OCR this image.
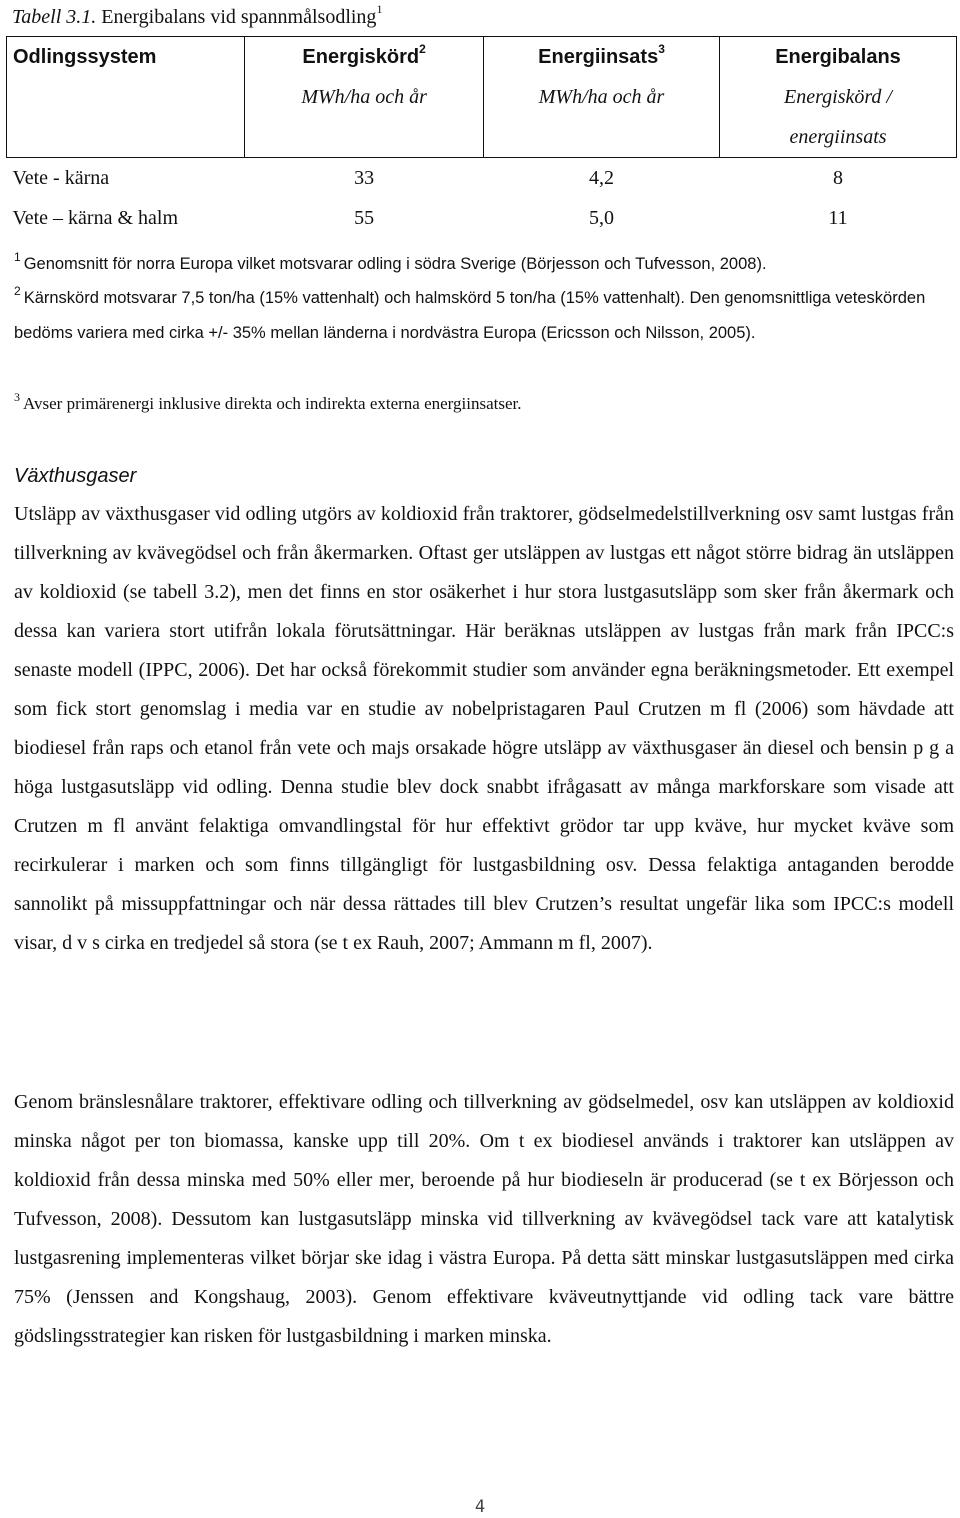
Tabell 3.1. Energibalans vid spannmålsodling$^1$
Odlingssystem	Energiskörd$^2$	Energiinsats$^3$	Energibalans
	MWh/ha och år	MWh/ha och år	Energiskörd /
			energiinsats
Vete - kärna	33	4,2	8
Vete – kärna & halm	55	5,0	11
$^1$ Genomsnitt för norra Europa vilket motsvarar odling i södra Sverige (Börjesson och Tufvesson, 2008).
$^2$ Kärnskörd motsvarar 7,5 ton/ha (15% vattenhalt) och halmskörd 5 ton/ha (15% vattenhalt). Den genomsnittliga veteskörden bedöms variera med cirka +/- 35% mellan länderna i nordvästra Europa (Ericsson och Nilsson, 2005).
$^3$ Avser primärenergi inklusive direkta och indirekta externa energiinsatser.
Växthusgaser

Utsläpp av växthusgaser vid odling utgörs av koldioxid från traktorer, gödselmedelstillverkning osv samt lustgas från tillverkning av kvävegödsel och från åkermarken. Oftast ger utsläppen av lustgas ett något större bidrag än utsläppen av koldioxid (se tabell 3.2), men det finns en stor osäkerhet i hur stora lustgasutsläpp som sker från åkermark och dessa kan variera stort utifrån lokala förutsättningar. Här beräknas utsläppen av lustgas från mark från IPCC:s senaste modell (IPPC, 2006). Det har också förekommit studier som använder egna beräkningsmetoder. Ett exempel som fick stort genomslag i media var en studie av nobelpristagaren Paul Crutzen m fl (2006) som hävdade att biodiesel från raps och etanol från vete och majs orsakade högre utsläpp av växthusgaser än diesel och bensin p g a höga lustgasutsläpp vid odling. Denna studie blev dock snabbt ifrågasatt av många markforskare som visade att Crutzen m fl använt felaktiga omvandlingstal för hur effektivt grödor tar upp kväve, hur mycket kväve som recirkulerar i marken och som finns tillgängligt för lustgasbildning osv. Dessa felaktiga antaganden berodde sannolikt på missuppfattningar och när dessa rättades till blev Crutzen’s resultat ungefär lika som IPCC:s modell visar, d v s cirka en tredjedel så stora (se t ex Rauh, 2007; Ammann m fl, 2007).

Genom bränslesnålare traktorer, effektivare odling och tillverkning av gödselmedel, osv kan utsläppen av koldioxid minska något per ton biomassa, kanske upp till 20%. Om t ex biodiesel används i traktorer kan utsläppen av koldioxid från dessa minska med 50% eller mer, beroende på hur biodieseln är producerad (se t ex Börjesson och Tufvesson, 2008). Dessutom kan lustgasutsläpp minska vid tillverkning av kvävegödsel tack vare att katalytisk lustgasrening implementeras vilket börjar ske idag i västra Europa. På detta sätt minskar lustgasutsläppen med cirka 75% (Jenssen and Kongshaug, 2003). Genom effektivare kväveutnyttjande vid odling tack vare bättre gödslingsstrategier kan risken för lustgasbildning i marken minska.

4
